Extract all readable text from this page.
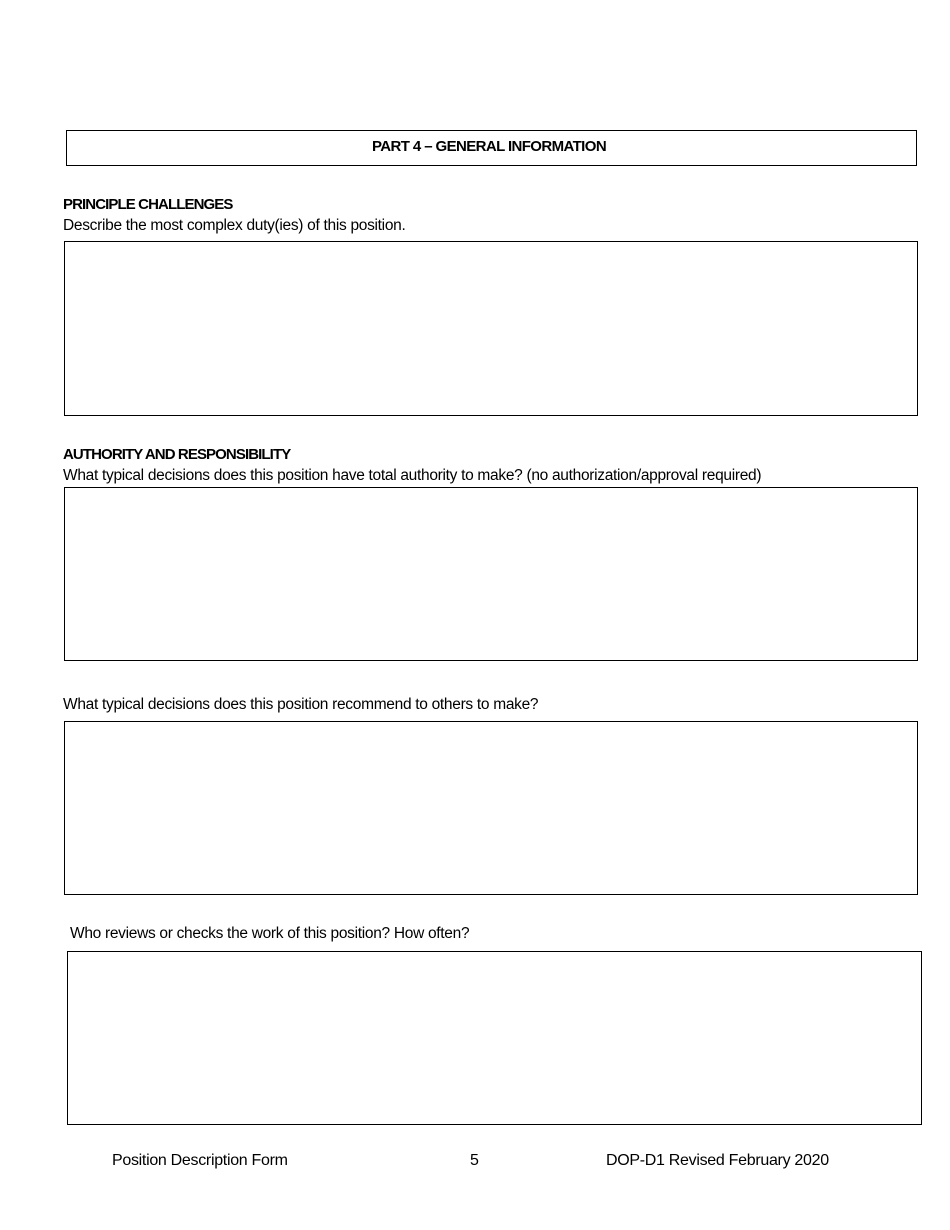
PART 4 – GENERAL INFORMATION
PRINCIPLE CHALLENGES
Describe the most complex duty(ies) of this position.
AUTHORITY AND RESPONSIBILITY
What typical decisions does this position have total authority to make? (no authorization/approval required)
What typical decisions does this position recommend to others to make?
Who reviews or checks the work of this position? How often?
Position Description Form	5	DOP-D1 Revised February 2020
